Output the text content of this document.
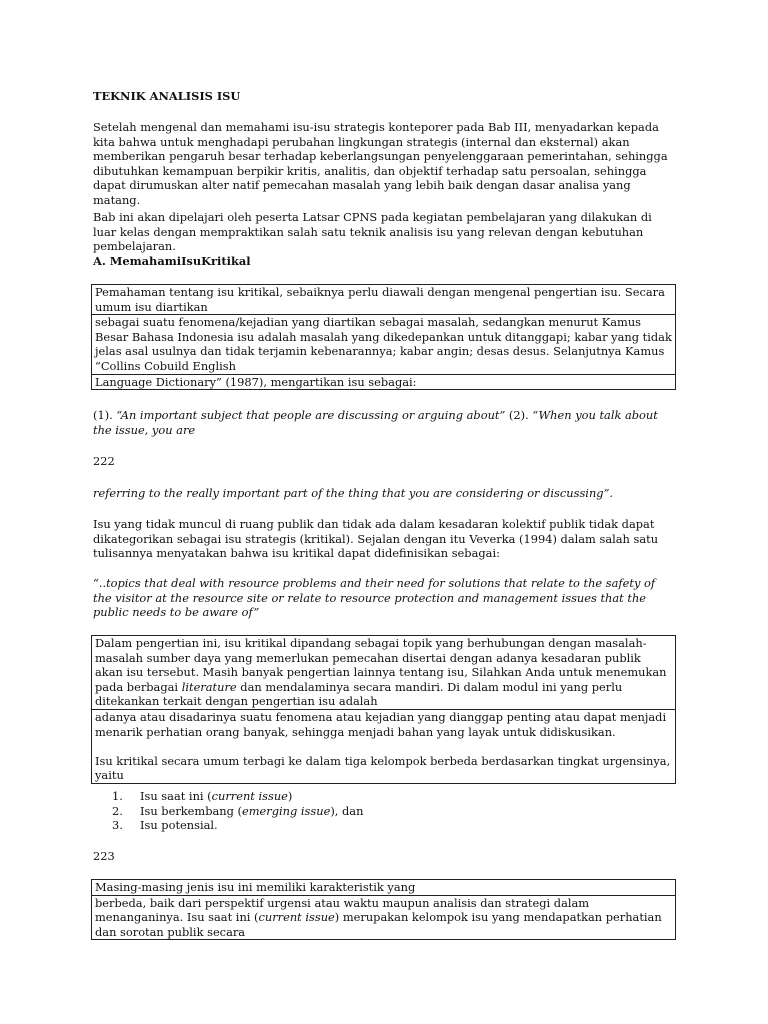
TEKNIK ANALISIS ISU

Setelah mengenal dan memahami isu-isu strategis konteporer pada Bab III, menyadarkan kepada kita bahwa untuk menghadapi perubahan lingkungan strategis (internal dan eksternal) akan memberikan pengaruh besar terhadap keberlangsungan penyelenggaraan pemerintahan, sehingga dibutuhkan kemampuan berpikir kritis, analitis, dan objektif terhadap satu persoalan, sehingga dapat dirumuskan alter natif pemecahan masalah yang lebih baik dengan dasar analisa yang matang.

Bab ini akan dipelajari oleh peserta Latsar CPNS pada kegiatan pembelajaran yang dilakukan di luar kelas dengan mempraktikan salah satu teknik analisis isu yang relevan dengan kebutuhan pembelajaran.

A. MemahamiIsuKritikal

Pemahaman tentang isu kritikal, sebaiknya perlu diawali dengan mengenal pengertian isu. Secara umum isu diartikan
sebagai suatu fenomena/kejadian yang diartikan sebagai masalah, sedangkan menurut Kamus Besar Bahasa Indonesia isu adalah masalah yang dikedepankan untuk ditanggapi; kabar yang tidak jelas asal usulnya dan tidak terjamin kebenarannya; kabar angin; desas desus. Selanjutnya Kamus “Collins Cobuild English
Language Dictionary” (1987), mengartikan isu sebagai:

(1). “An important subject that people are discussing or arguing about” (2). “When you talk about the issue, you are

222

referring to the really important part of the thing that you are considering or discussing”.

Isu yang tidak muncul di ruang publik dan tidak ada dalam kesadaran kolektif publik tidak dapat dikategorikan sebagai isu strategis (kritikal). Sejalan dengan itu Veverka (1994) dalam salah satu tulisannya menyatakan bahwa isu kritikal dapat didefinisikan sebagai:

“..topics that deal with resource problems and their need for solutions that relate to the safety of the visitor at the resource site or relate to resource protection and management issues that the public needs to be aware of”

Dalam pengertian ini, isu kritikal dipandang sebagai topik yang berhubungan dengan masalah-masalah sumber daya yang memerlukan pemecahan disertai dengan adanya kesadaran publik akan isu tersebut. Masih banyak pengertian lainnya tentang isu, Silahkan Anda untuk menemukan pada berbagai literature dan mendalaminya secara mandiri. Di dalam modul ini yang perlu ditekankan terkait dengan pengertian isu adalah
adanya atau disadarinya suatu fenomena atau kejadian yang dianggap penting atau dapat menjadi menarik perhatian orang banyak, sehingga menjadi bahan yang layak untuk didiskusikan.
Isu kritikal secara umum terbagi ke dalam tiga kelompok berbeda berdasarkan tingkat urgensinya, yaitu
1.	Isu saat ini (current issue)
2.	Isu berkembang (emerging issue), dan
3.	Isu potensial.

223

Masing-masing jenis isu ini memiliki karakteristik yang
berbeda, baik dari perspektif urgensi atau waktu maupun analisis dan strategi dalam menanganinya. Isu saat ini (current issue) merupakan kelompok isu yang mendapatkan perhatian dan sorotan publik secara
